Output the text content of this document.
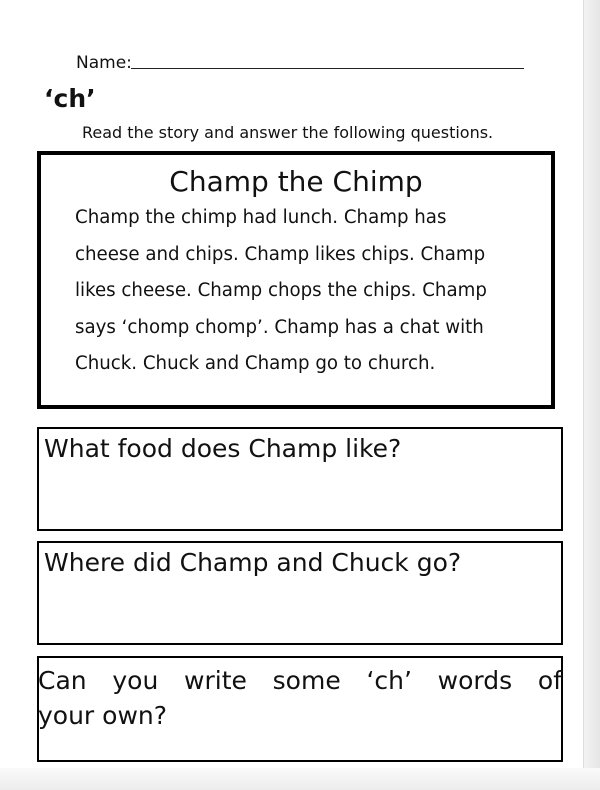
Name:
‘ch’
Read the story and answer the following questions.
Champ the Chimp
Champ the chimp had lunch. Champ has
cheese and chips. Champ likes chips. Champ
likes cheese. Champ chops the chips. Champ
says ‘chomp chomp’. Champ has a chat with
Chuck. Chuck and Champ go to church.
What food does Champ like?
Where did Champ and Chuck go?
Can you write some ‘ch’ words of
your own?
